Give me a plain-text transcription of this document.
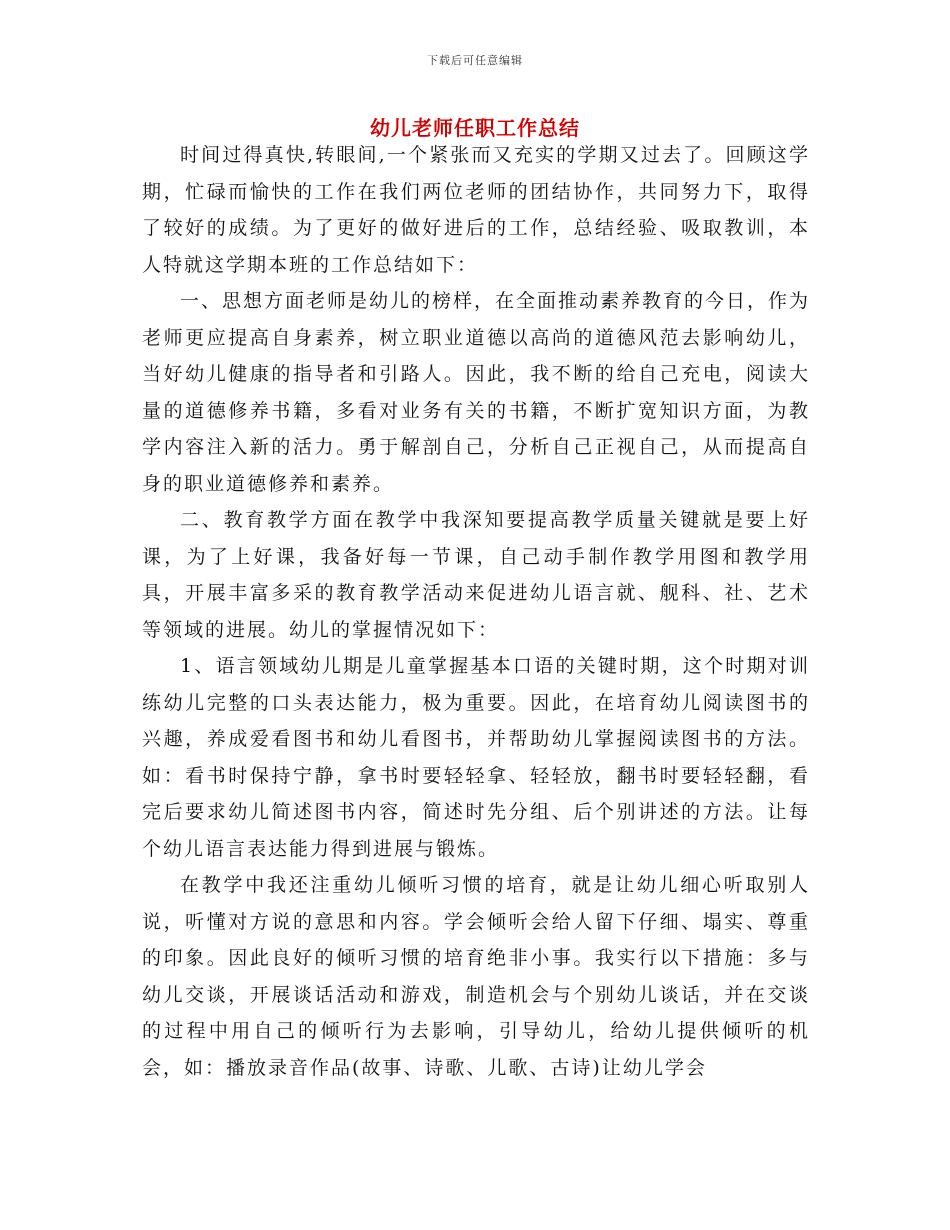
下载后可任意编辑
幼儿老师任职工作总结

时间过得真快,转眼间,一个紧张而又充实的学期又过去了。回顾这学期，忙碌而愉快的工作在我们两位老师的团结协作，共同努力下，取得了较好的成绩。为了更好的做好进后的工作，总结经验、吸取教训，本人特就这学期本班的工作总结如下：

一、思想方面老师是幼儿的榜样，在全面推动素养教育的今日，作为老师更应提高自身素养，树立职业道德以高尚的道德风范去影响幼儿，当好幼儿健康的指导者和引路人。因此，我不断的给自己充电，阅读大量的道德修养书籍，多看对业务有关的书籍，不断扩宽知识方面，为教学内容注入新的活力。勇于解剖自己，分析自己正视自己，从而提高自身的职业道德修养和素养。

二、教育教学方面在教学中我深知要提高教学质量关键就是要上好课，为了上好课，我备好每一节课，自己动手制作教学用图和教学用具，开展丰富多采的教育教学活动来促进幼儿语言就、舰科、社、艺术等领域的进展。幼儿的掌握情况如下：

1、语言领域幼儿期是儿童掌握基本口语的关键时期，这个时期对训练幼儿完整的口头表达能力，极为重要。因此，在培育幼儿阅读图书的兴趣，养成爱看图书和幼儿看图书，并帮助幼儿掌握阅读图书的方法。如：看书时保持宁静，拿书时要轻轻拿、轻轻放，翻书时要轻轻翻，看完后要求幼儿简述图书内容，简述时先分组、后个别讲述的方法。让每个幼儿语言表达能力得到进展与锻炼。

在教学中我还注重幼儿倾听习惯的培育，就是让幼儿细心听取别人说，听懂对方说的意思和内容。学会倾听会给人留下仔细、塌实、尊重的印象。因此良好的倾听习惯的培育绝非小事。我实行以下措施：多与幼儿交谈，开展谈话活动和游戏，制造机会与个别幼儿谈话，并在交谈的过程中用自己的倾听行为去影响，引导幼儿，给幼儿提供倾听的机会，如：播放录音作品(故事、诗歌、儿歌、古诗)让幼儿学会
